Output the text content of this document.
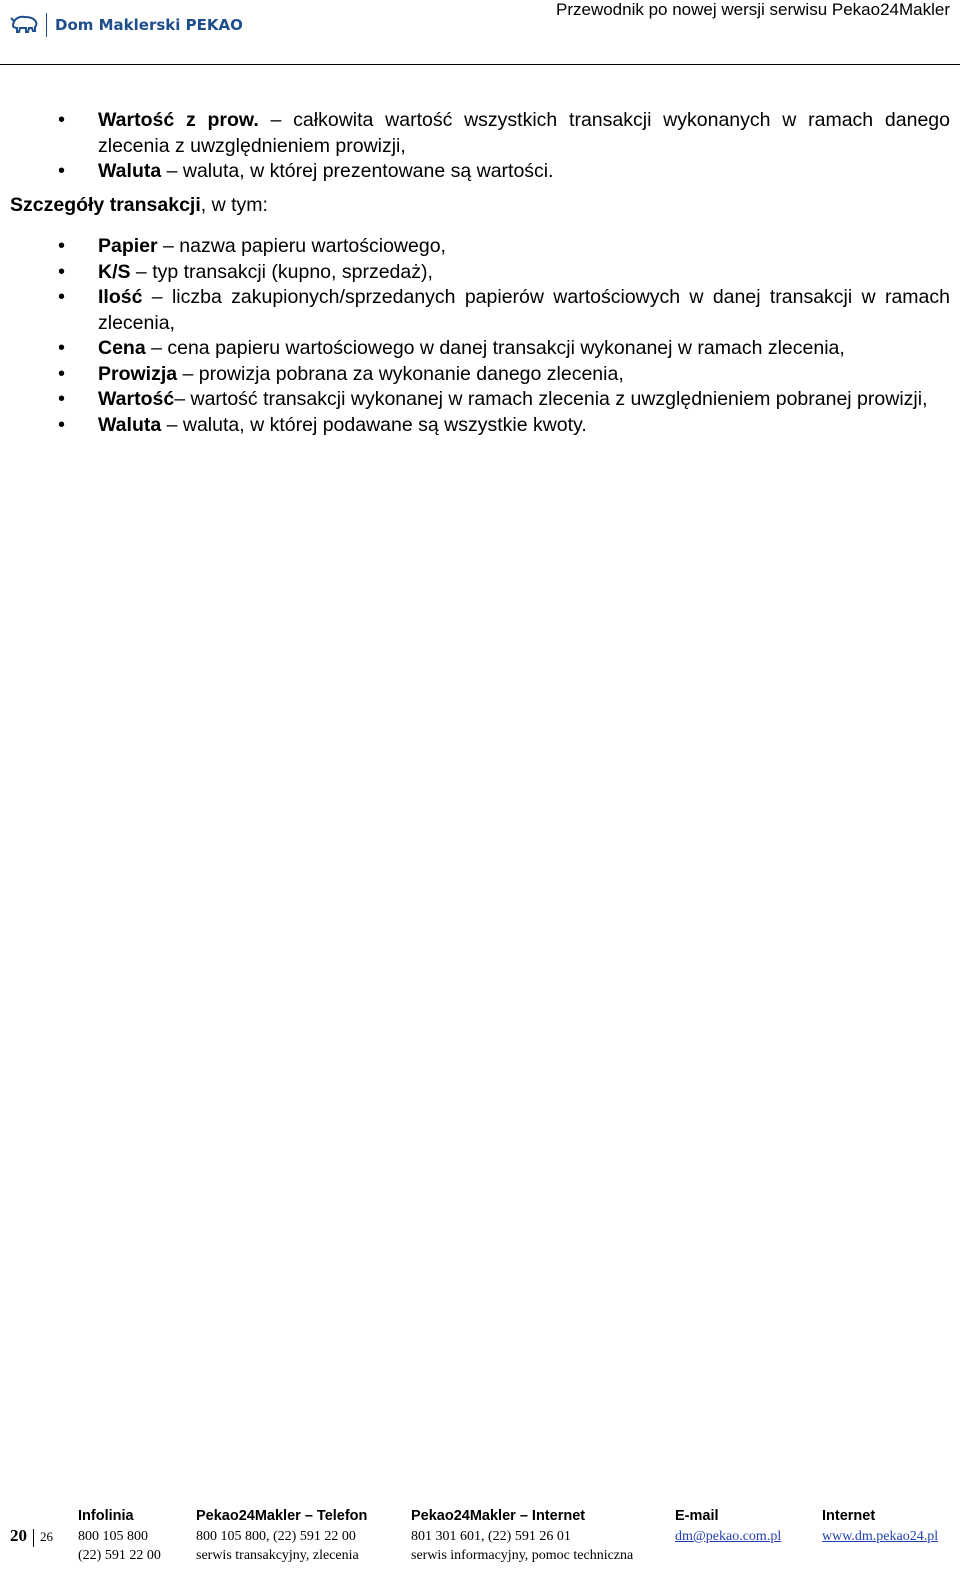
Dom Maklerski PEKAO
Przewodnik po nowej wersji serwisu Pekao24Makler
• Wartość z prow. – całkowita wartość wszystkich transakcji wykonanych w ramach danego zlecenia z uwzględnieniem prowizji,
• Waluta – waluta, w której prezentowane są wartości.
Szczegóły transakcji, w tym:
• Papier – nazwa papieru wartościowego,
• K/S – typ transakcji (kupno, sprzedaż),
• Ilość – liczba zakupionych/sprzedanych papierów wartościowych w danej transakcji w ramach zlecenia,
• Cena – cena papieru wartościowego w danej transakcji wykonanej w ramach zlecenia,
• Prowizja – prowizja pobrana za wykonanie danego zlecenia,
• Wartość– wartość transakcji wykonanej w ramach zlecenia z uwzględnieniem pobranej prowizji,
• Waluta – waluta, w której podawane są wszystkie kwoty.
20 26
Infolinia
800 105 800
(22) 591 22 00
Pekao24Makler – Telefon
800 105 800, (22) 591 22 00
serwis transakcyjny, zlecenia
Pekao24Makler – Internet
801 301 601, (22) 591 26 01
serwis informacyjny, pomoc techniczna
E-mail
dm@pekao.com.pl
Internet
www.dm.pekao24.pl
